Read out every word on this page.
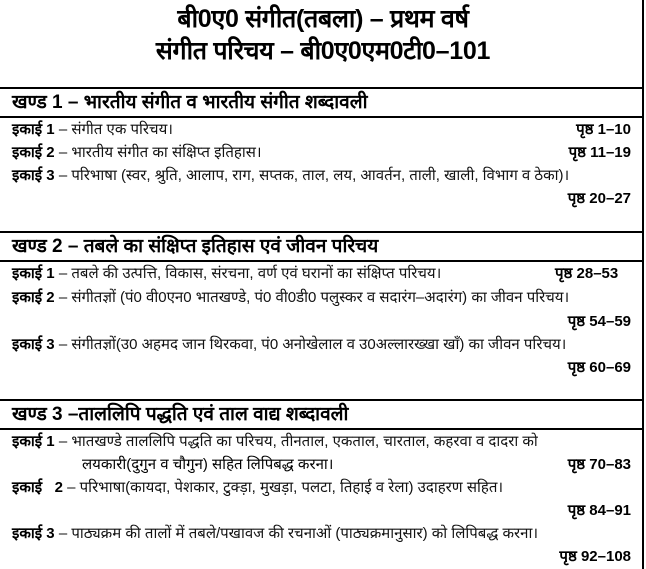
बी0ए0 संगीत(तबला) – प्रथम वर्ष
संगीत परिचय – बी0ए0एम0टी0–101
खण्ड 1 – भारतीय संगीत व भारतीय संगीत शब्दावली
इकाई 1 – संगीत एक परिचय।	पृष्ठ 1–10
इकाई 2 – भारतीय संगीत का संक्षिप्त इतिहास।	पृष्ठ 11–19
इकाई 3 – परिभाषा (स्वर, श्रुति, आलाप, राग, सप्तक, ताल, लय, आवर्तन, ताली, खाली, विभाग व ठेका)।
पृष्ठ 20–27
खण्ड 2 – तबले का संक्षिप्त इतिहास एवं जीवन परिचय
इकाई 1 – तबले की उत्पत्ति, विकास, संरचना, वर्ण एवं घरानों का संक्षिप्त परिचय।	पृष्ठ 28–53
इकाई 2 – संगीतज्ञों (पं0 वी0एन0 भातखण्डे, पं0 वी0डी0 पलुस्कर व सदारंग–अदारंग) का जीवन परिचय।
पृष्ठ 54–59
इकाई 3 – संगीतज्ञों(उ0 अहमद जान थिरकवा, पं0 अनोखेलाल व उ0अल्लारख्खा खॉं) का जीवन परिचय।
पृष्ठ 60–69
खण्ड 3 –ताललिपि पद्धति एवं ताल वाद्य शब्दावली
इकाई 1 – भातखण्डे ताललिपि पद्धति का परिचय, तीनताल, एकताल, चारताल, कहरवा व दादरा को
लयकारी(दुगुन व चौगुन) सहित लिपिबद्ध करना।	पृष्ठ 70–83
इकाई   2 – परिभाषा(कायदा, पेशकार, टुक्ड़ा, मुखड़ा, पलटा, तिहाई व रेला) उदाहरण सहित।
पृष्ठ 84–91
इकाई 3 – पाठ्यक्रम की तालों में तबले/पखावज की रचनाओं (पाठ्यक्रमानुसार) को लिपिबद्ध करना।
पृष्ठ 92–108
